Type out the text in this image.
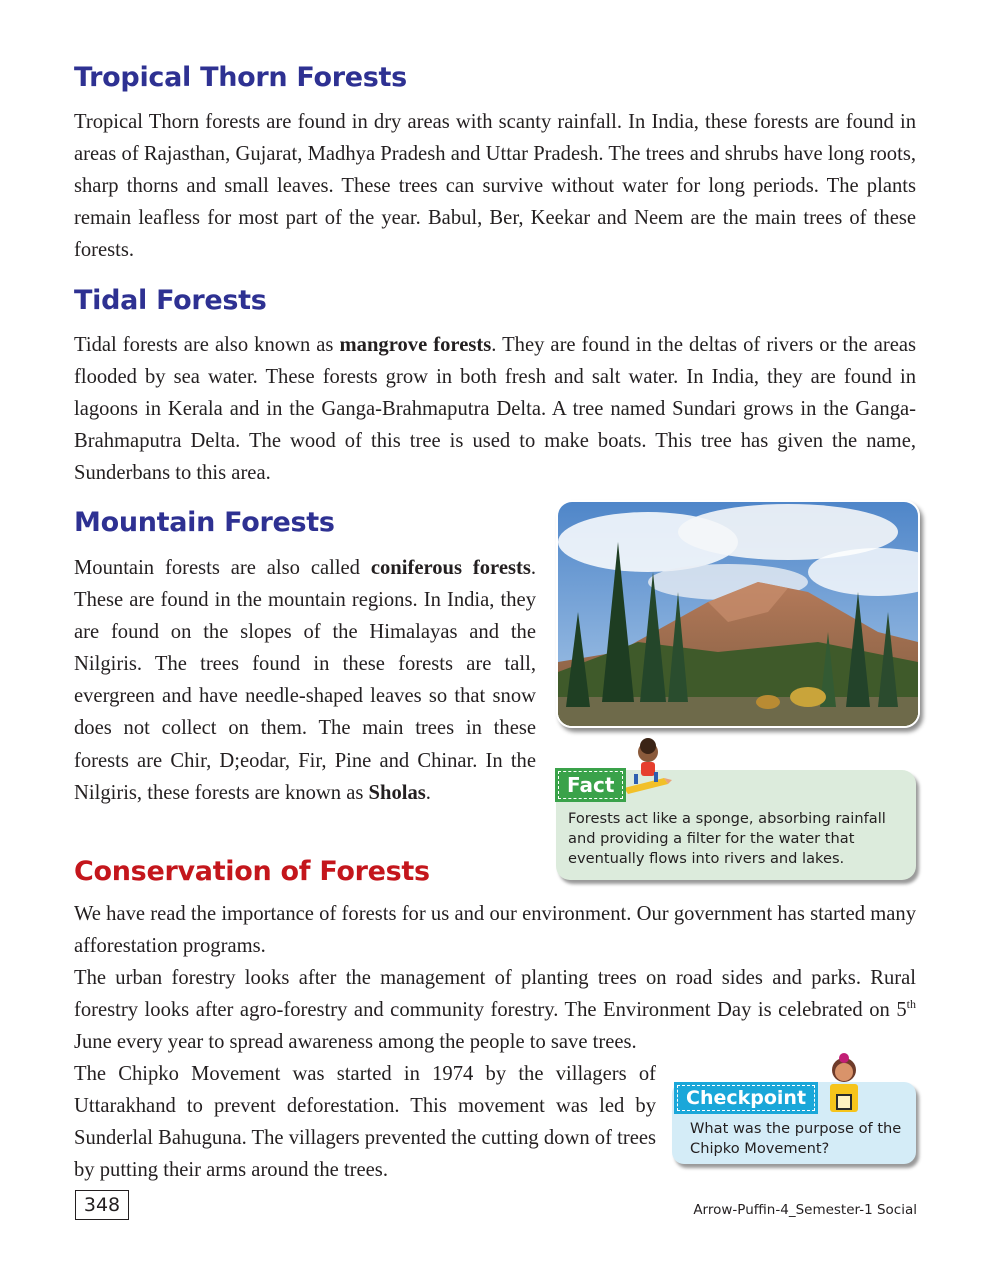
Tropical Thorn Forests

Tropical Thorn forests are found in dry areas with scanty rainfall. In India, these forests are found in areas of Rajasthan, Gujarat, Madhya Pradesh and Uttar Pradesh. The trees and shrubs have long roots, sharp thorns and small leaves. These trees can survive without water for long periods. The plants remain leafless for most part of the year. Babul, Ber, Keekar and Neem are the main trees of these forests.

Tidal Forests

Tidal forests are also known as mangrove forests. They are found in the deltas of rivers or the areas flooded by sea water. These forests grow in both fresh and salt water. In India, they are found in lagoons in Kerala and in the Ganga-Brahmaputra Delta. A tree named Sundari grows in the Ganga- Brahmaputra Delta. The wood of this tree is used to make boats. This tree has given the name, Sunderbans to this area.

Mountain Forests

Mountain forests are also called coniferous forests. These are found in the mountain regions. In India, they are found on the slopes of the Himalayas and the Nilgiris. The trees found in these forests are tall, evergreen and have needle-shaped leaves so that snow does not collect on them. The main trees in these forests are Chir, D;eodar, Fir, Pine and Chinar. In the Nilgiris, these forests are known as Sholas.	Fact
Forests act like a sponge, absorbing rainfall and providing a filter for the water that eventually flows into rivers and lakes.
Conservation of Forests

We have read the importance of forests for us and our environment. Our government has started many afforestation programs.

The urban forestry looks after the management of planting trees on road sides and parks. Rural forestry looks after agro-forestry and community forestry. The Environment Day is celebrated on 5th June every year to spread awareness among the people to save trees.

The Chipko Movement was started in 1974 by the villagers of Uttarakhand to prevent deforestation. This movement was led by Sunderlal Bahuguna. The villagers prevented the cutting down of trees by putting their arms around the trees.

Checkpoint
What was the purpose of the Chipko Movement?
348	Arrow-Puffin-4_Semester-1 Social
